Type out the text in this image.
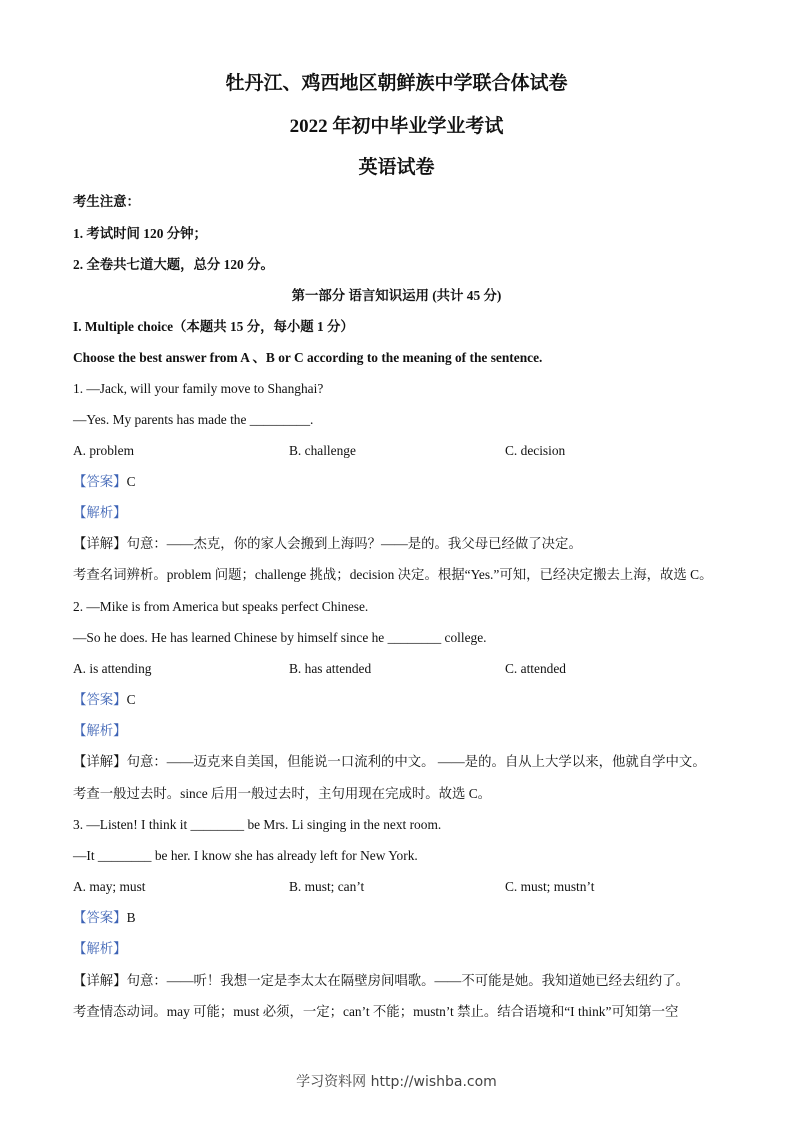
牡丹江、鸡西地区朝鲜族中学联合体试卷
2022 年初中毕业学业考试
英语试卷
考生注意：
1. 考试时间 120 分钟；
2. 全卷共七道大题，总分 120 分。
第一部分 语言知识运用 (共计 45 分)
I. Multiple choice（本题共 15 分，每小题 1 分）
Choose the best answer from A 、B or C according to the meaning of the sentence.
1. —Jack, will your family move to Shanghai?
—Yes. My parents has made the _________.
A. problem	B. challenge	C. decision
【答案】C
【解析】
【详解】句意：——杰克，你的家人会搬到上海吗？——是的。我父母已经做了决定。
考查名词辨析。problem 问题；challenge 挑战；decision 决定。根据“Yes.”可知，已经决定搬去上海，故选 C。
2. —Mike is from America but speaks perfect Chinese.
—So he does. He has learned Chinese by himself since he ________ college.
A. is attending	B. has attended	C. attended
【答案】C
【解析】
【详解】句意：——迈克来自美国，但能说一口流利的中文。 ——是的。自从上大学以来，他就自学中文。
考查一般过去时。since 后用一般过去时，主句用现在完成时。故选 C。
3. —Listen! I think it ________ be Mrs. Li singing in the next room.
—It ________ be her. I know she has already left for New York.
A. may; must	B. must; can’t	C. must; mustn’t
【答案】B
【解析】
【详解】句意：——听！我想一定是李太太在隔壁房间唱歌。——不可能是她。我知道她已经去纽约了。
考查情态动词。may 可能；must 必须，一定；can’t 不能；mustn’t 禁止。结合语境和“I think”可知第一空
学习资料网 http://wishba.com
